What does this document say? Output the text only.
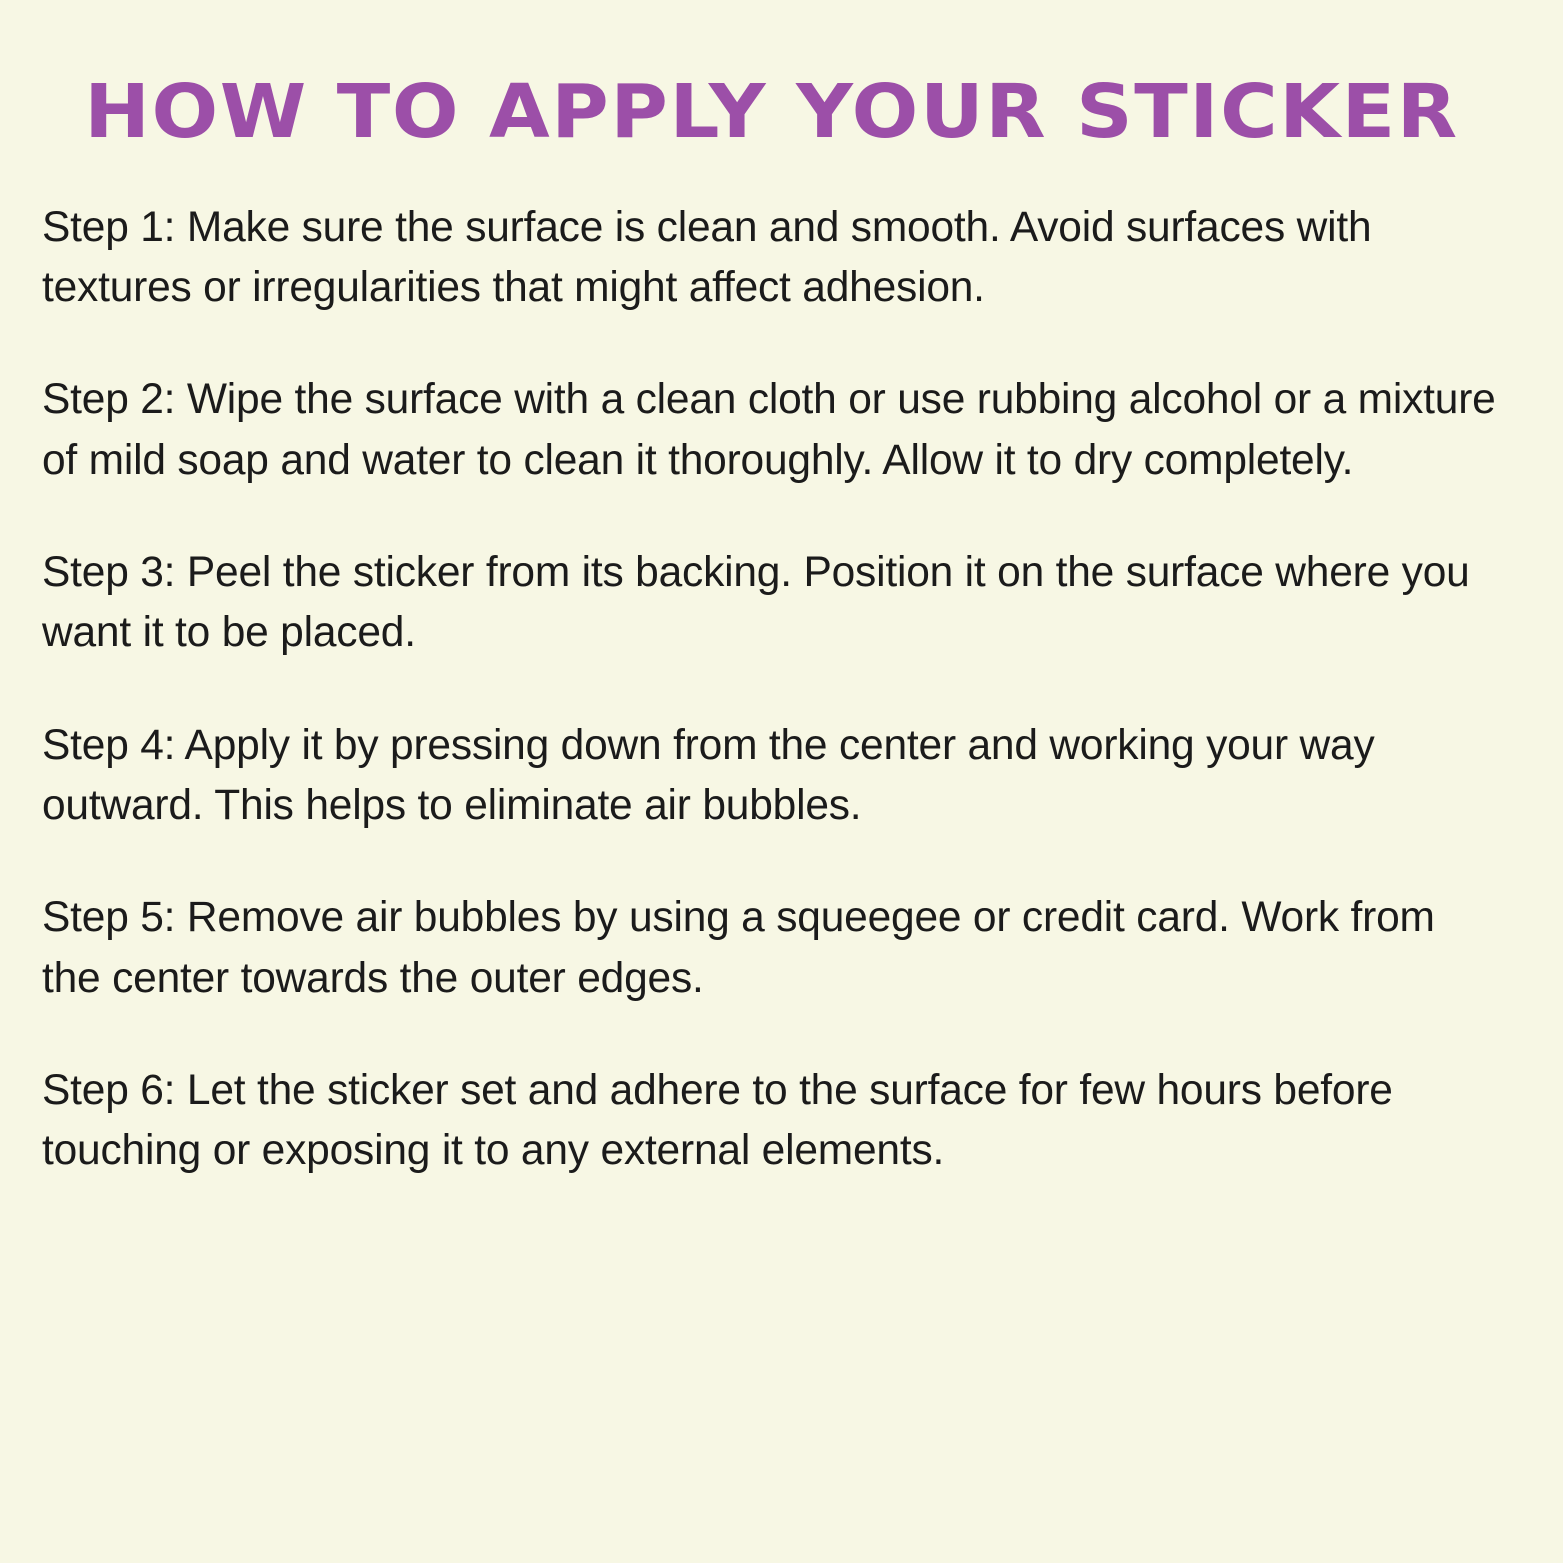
HOW TO APPLY YOUR STICKER

Step 1: Make sure the surface is clean and smooth. Avoid surfaces with textures or irregularities that might affect adhesion.

Step 2: Wipe the surface with a clean cloth or use rubbing alcohol or a mixture of mild soap and water to clean it thoroughly. Allow it to dry completely.

Step 3: Peel the sticker from its backing. Position it on the surface where you want it to be placed.

Step 4: Apply it by pressing down from the center and working your way outward. This helps to eliminate air bubbles.

Step 5: Remove air bubbles by using a squeegee or credit card. Work from the center towards the outer edges.

Step 6: Let the sticker set and adhere to the surface for few hours before touching or exposing it to any external elements.
